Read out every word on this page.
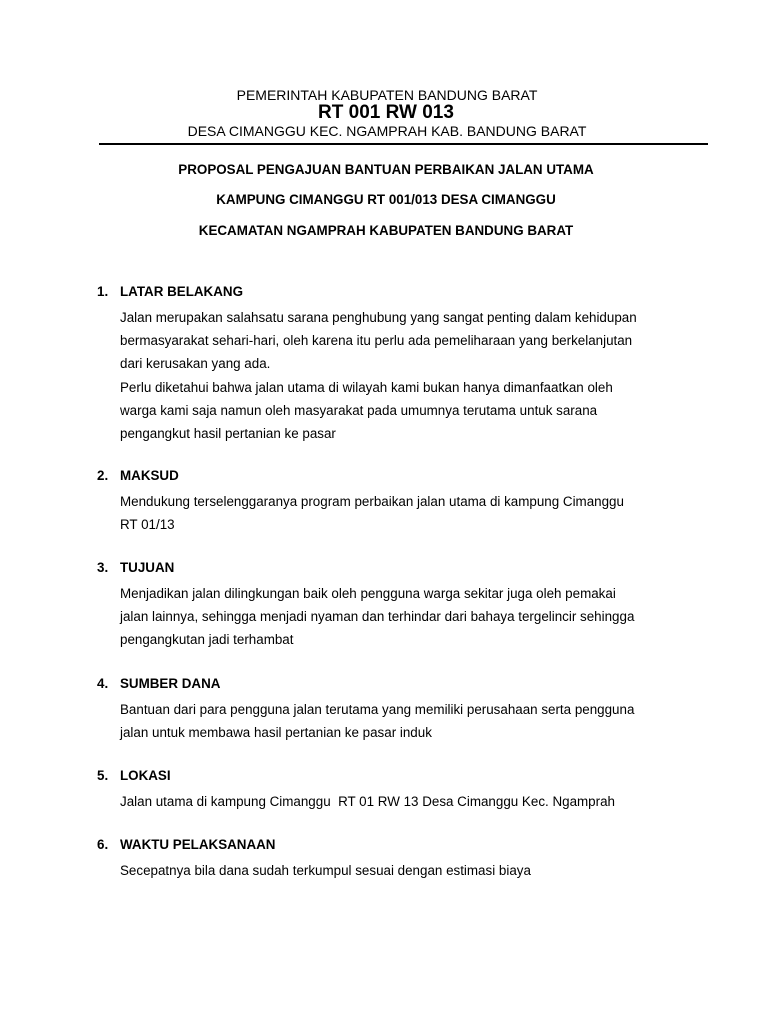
PEMERINTAH KABUPATEN BANDUNG BARAT
RT 001 RW 013
DESA CIMANGGU KEC. NGAMPRAH KAB. BANDUNG BARAT
PROPOSAL PENGAJUAN BANTUAN PERBAIKAN JALAN UTAMA
KAMPUNG CIMANGGU RT 001/013 DESA CIMANGGU
KECAMATAN NGAMPRAH KABUPATEN BANDUNG BARAT
1. LATAR BELAKANG
Jalan merupakan salahsatu sarana penghubung yang sangat penting dalam kehidupan
bermasyarakat sehari-hari, oleh karena itu perlu ada pemeliharaan yang berkelanjutan
dari kerusakan yang ada.
Perlu diketahui bahwa jalan utama di wilayah kami bukan hanya dimanfaatkan oleh
warga kami saja namun oleh masyarakat pada umumnya terutama untuk sarana
pengangkut hasil pertanian ke pasar
2. MAKSUD
Mendukung terselenggaranya program perbaikan jalan utama di kampung Cimanggu
RT 01/13
3. TUJUAN
Menjadikan jalan dilingkungan baik oleh pengguna warga sekitar juga oleh pemakai
jalan lainnya, sehingga menjadi nyaman dan terhindar dari bahaya tergelincir sehingga
pengangkutan jadi terhambat
4. SUMBER DANA
Bantuan dari para pengguna jalan terutama yang memiliki perusahaan serta pengguna
jalan untuk membawa hasil pertanian ke pasar induk
5. LOKASI
Jalan utama di kampung Cimanggu  RT 01 RW 13 Desa Cimanggu Kec. Ngamprah
6. WAKTU PELAKSANAAN
Secepatnya bila dana sudah terkumpul sesuai dengan estimasi biaya
